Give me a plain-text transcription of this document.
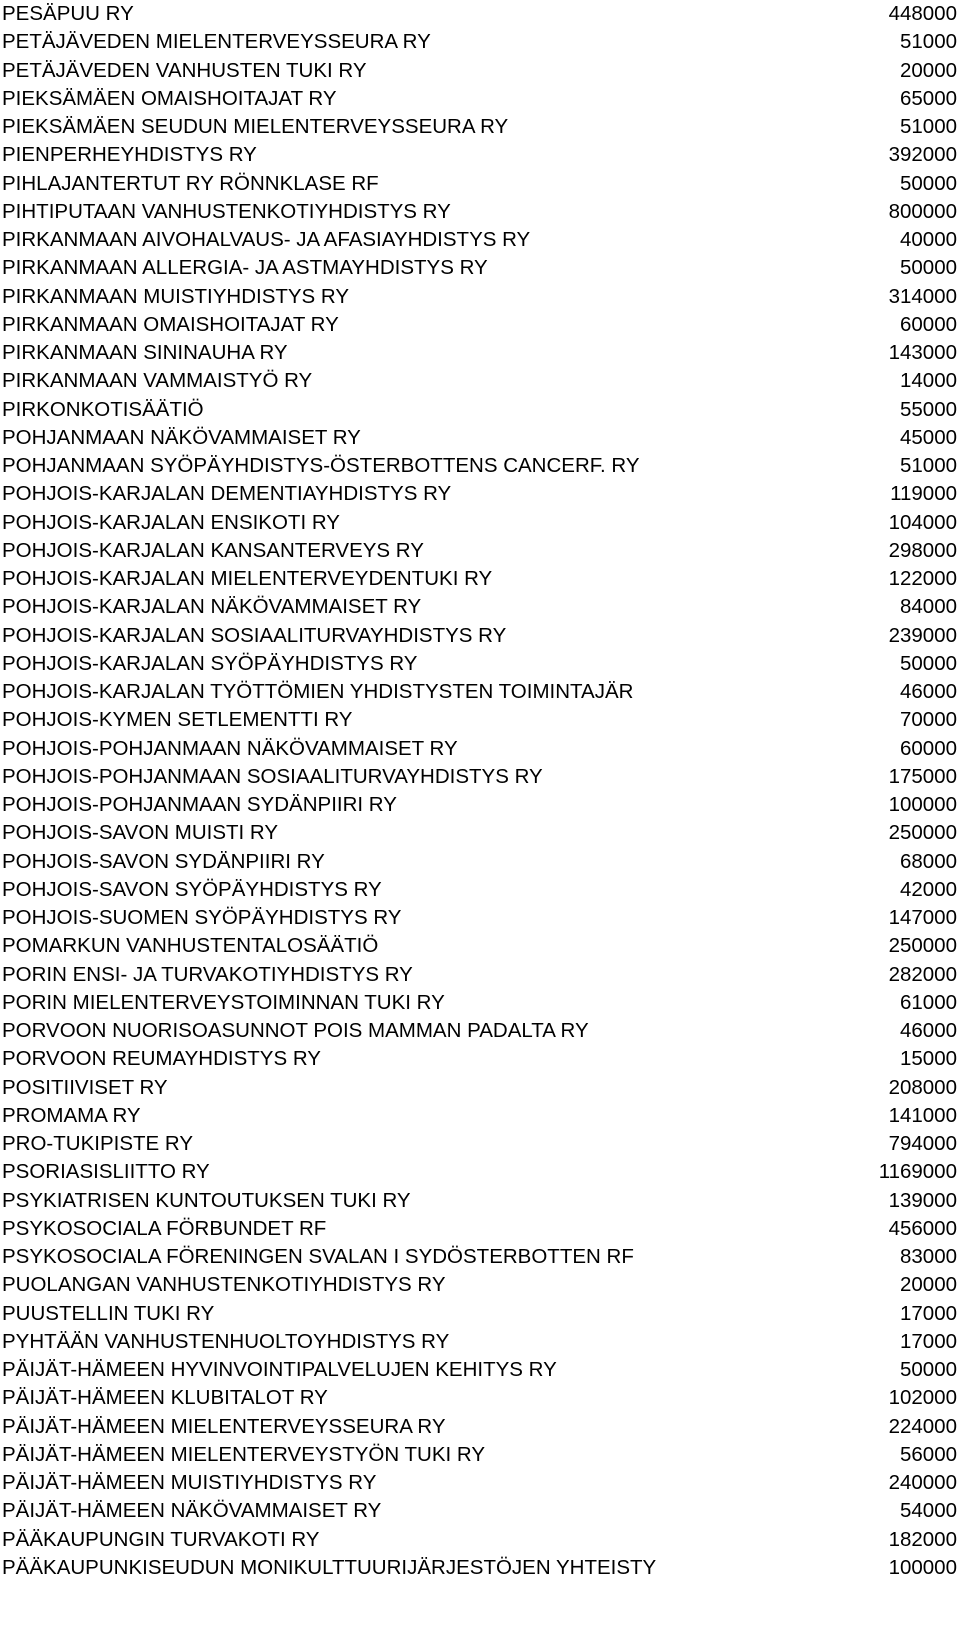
PESÄPUU RY	448000
PETÄJÄVEDEN MIELENTERVEYSSEURA RY	51000
PETÄJÄVEDEN VANHUSTEN TUKI RY	20000
PIEKSÄMÄEN OMAISHOITAJAT RY	65000
PIEKSÄMÄEN SEUDUN MIELENTERVEYSSEURA RY	51000
PIENPERHEYHDISTYS RY	392000
PIHLAJANTERTUT RY RÖNNKLASE RF	50000
PIHTIPUTAAN VANHUSTENKOTIYHDISTYS RY	800000
PIRKANMAAN AIVOHALVAUS- JA AFASIAYHDISTYS RY	40000
PIRKANMAAN ALLERGIA- JA ASTMAYHDISTYS RY	50000
PIRKANMAAN MUISTIYHDISTYS RY	314000
PIRKANMAAN OMAISHOITAJAT RY	60000
PIRKANMAAN SININAUHA RY	143000
PIRKANMAAN VAMMAISTYÖ RY	14000
PIRKONKOTISÄÄTIÖ	55000
POHJANMAAN NÄKÖVAMMAISET RY	45000
POHJANMAAN SYÖPÄYHDISTYS-ÖSTERBOTTENS CANCERF. RY	51000
POHJOIS-KARJALAN DEMENTIAYHDISTYS RY	119000
POHJOIS-KARJALAN ENSIKOTI RY	104000
POHJOIS-KARJALAN KANSANTERVEYS RY	298000
POHJOIS-KARJALAN MIELENTERVEYDENTUKI RY	122000
POHJOIS-KARJALAN NÄKÖVAMMAISET RY	84000
POHJOIS-KARJALAN SOSIAALITURVAYHDISTYS RY	239000
POHJOIS-KARJALAN SYÖPÄYHDISTYS RY	50000
POHJOIS-KARJALAN TYÖTTÖMIEN YHDISTYSTEN TOIMINTAJÄR	46000
POHJOIS-KYMEN SETLEMENTTI RY	70000
POHJOIS-POHJANMAAN NÄKÖVAMMAISET RY	60000
POHJOIS-POHJANMAAN SOSIAALITURVAYHDISTYS RY	175000
POHJOIS-POHJANMAAN SYDÄNPIIRI RY	100000
POHJOIS-SAVON MUISTI RY	250000
POHJOIS-SAVON SYDÄNPIIRI RY	68000
POHJOIS-SAVON SYÖPÄYHDISTYS RY	42000
POHJOIS-SUOMEN SYÖPÄYHDISTYS RY	147000
POMARKUN VANHUSTENTALOSÄÄTIÖ	250000
PORIN ENSI- JA TURVAKOTIYHDISTYS RY	282000
PORIN MIELENTERVEYSTOIMINNAN TUKI RY	61000
PORVOON NUORISOASUNNOT POIS MAMMAN PADALTA RY	46000
PORVOON REUMAYHDISTYS RY	15000
POSITIIVISET RY	208000
PROMAMA RY	141000
PRO-TUKIPISTE RY	794000
PSORIASISLIITTO RY	1169000
PSYKIATRISEN KUNTOUTUKSEN TUKI RY	139000
PSYKOSOCIALA FÖRBUNDET RF	456000
PSYKOSOCIALA FÖRENINGEN SVALAN I SYDÖSTERBOTTEN RF	83000
PUOLANGAN VANHUSTENKOTIYHDISTYS RY	20000
PUUSTELLIN TUKI RY	17000
PYHTÄÄN VANHUSTENHUOLTOYHDISTYS RY	17000
PÄIJÄT-HÄMEEN HYVINVOINTIPALVELUJEN KEHITYS RY	50000
PÄIJÄT-HÄMEEN KLUBITALOT RY	102000
PÄIJÄT-HÄMEEN MIELENTERVEYSSEURA RY	224000
PÄIJÄT-HÄMEEN MIELENTERVEYSTYÖN TUKI RY	56000
PÄIJÄT-HÄMEEN MUISTIYHDISTYS RY	240000
PÄIJÄT-HÄMEEN NÄKÖVAMMAISET RY	54000
PÄÄKAUPUNGIN TURVAKOTI RY	182000
PÄÄKAUPUNKISEUDUN MONIKULTTUURIJÄRJESTÖJEN YHTEISTY	100000
